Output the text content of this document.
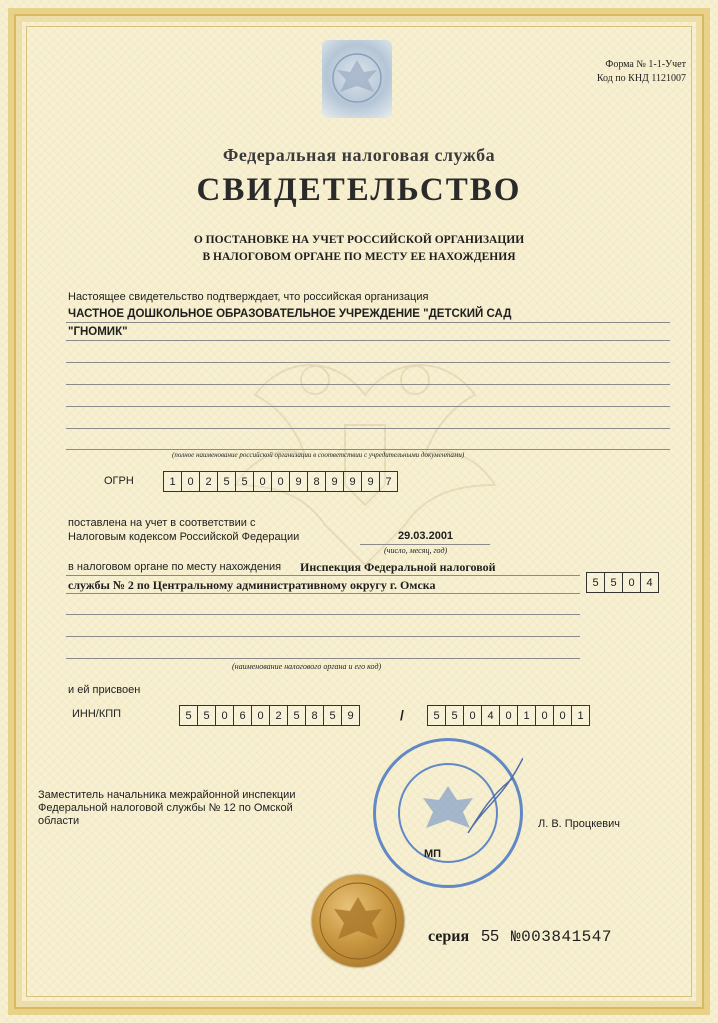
Форма № 1-1-Учет
Код по КНД 1121007
Федеральная налоговая служба
СВИДЕТЕЛЬСТВО
О ПОСТАНОВКЕ НА УЧЕТ РОССИЙСКОЙ ОРГАНИЗАЦИИ
В НАЛОГОВОМ ОРГАНЕ ПО МЕСТУ ЕЕ НАХОЖДЕНИЯ
Настоящее свидетельство подтверждает, что российская организация
ЧАСТНОЕ ДОШКОЛЬНОЕ ОБРАЗОВАТЕЛЬНОЕ УЧРЕЖДЕНИЕ "ДЕТСКИЙ САД
"ГНОМИК"
(полное наименование российской организации в соответствии с учредительными документами)
ОГРН	1	0	2	5	5	0	0	9	8	9	9	9	7
поставлена на учет в соответствии с
Налоговым кодексом Российской Федерации	29.03.2001
(число, месяц, год)
в налоговом органе по месту нахождения Инспекция Федеральной налоговой
службы № 2 по Центральному административному округу г. Омска	5	5	0	4
(наименование налогового органа и его код)
и ей присвоен
ИНН/КПП	5	5	0	6	0	2	5	8	5	9	/	5	5	0	4	0	1	0	0	1
Заместитель начальника межрайонной инспекции
Федеральной налоговой службы № 12 по Омской
области
МП
Л. В. Процкевич
серия 55 №003841547
